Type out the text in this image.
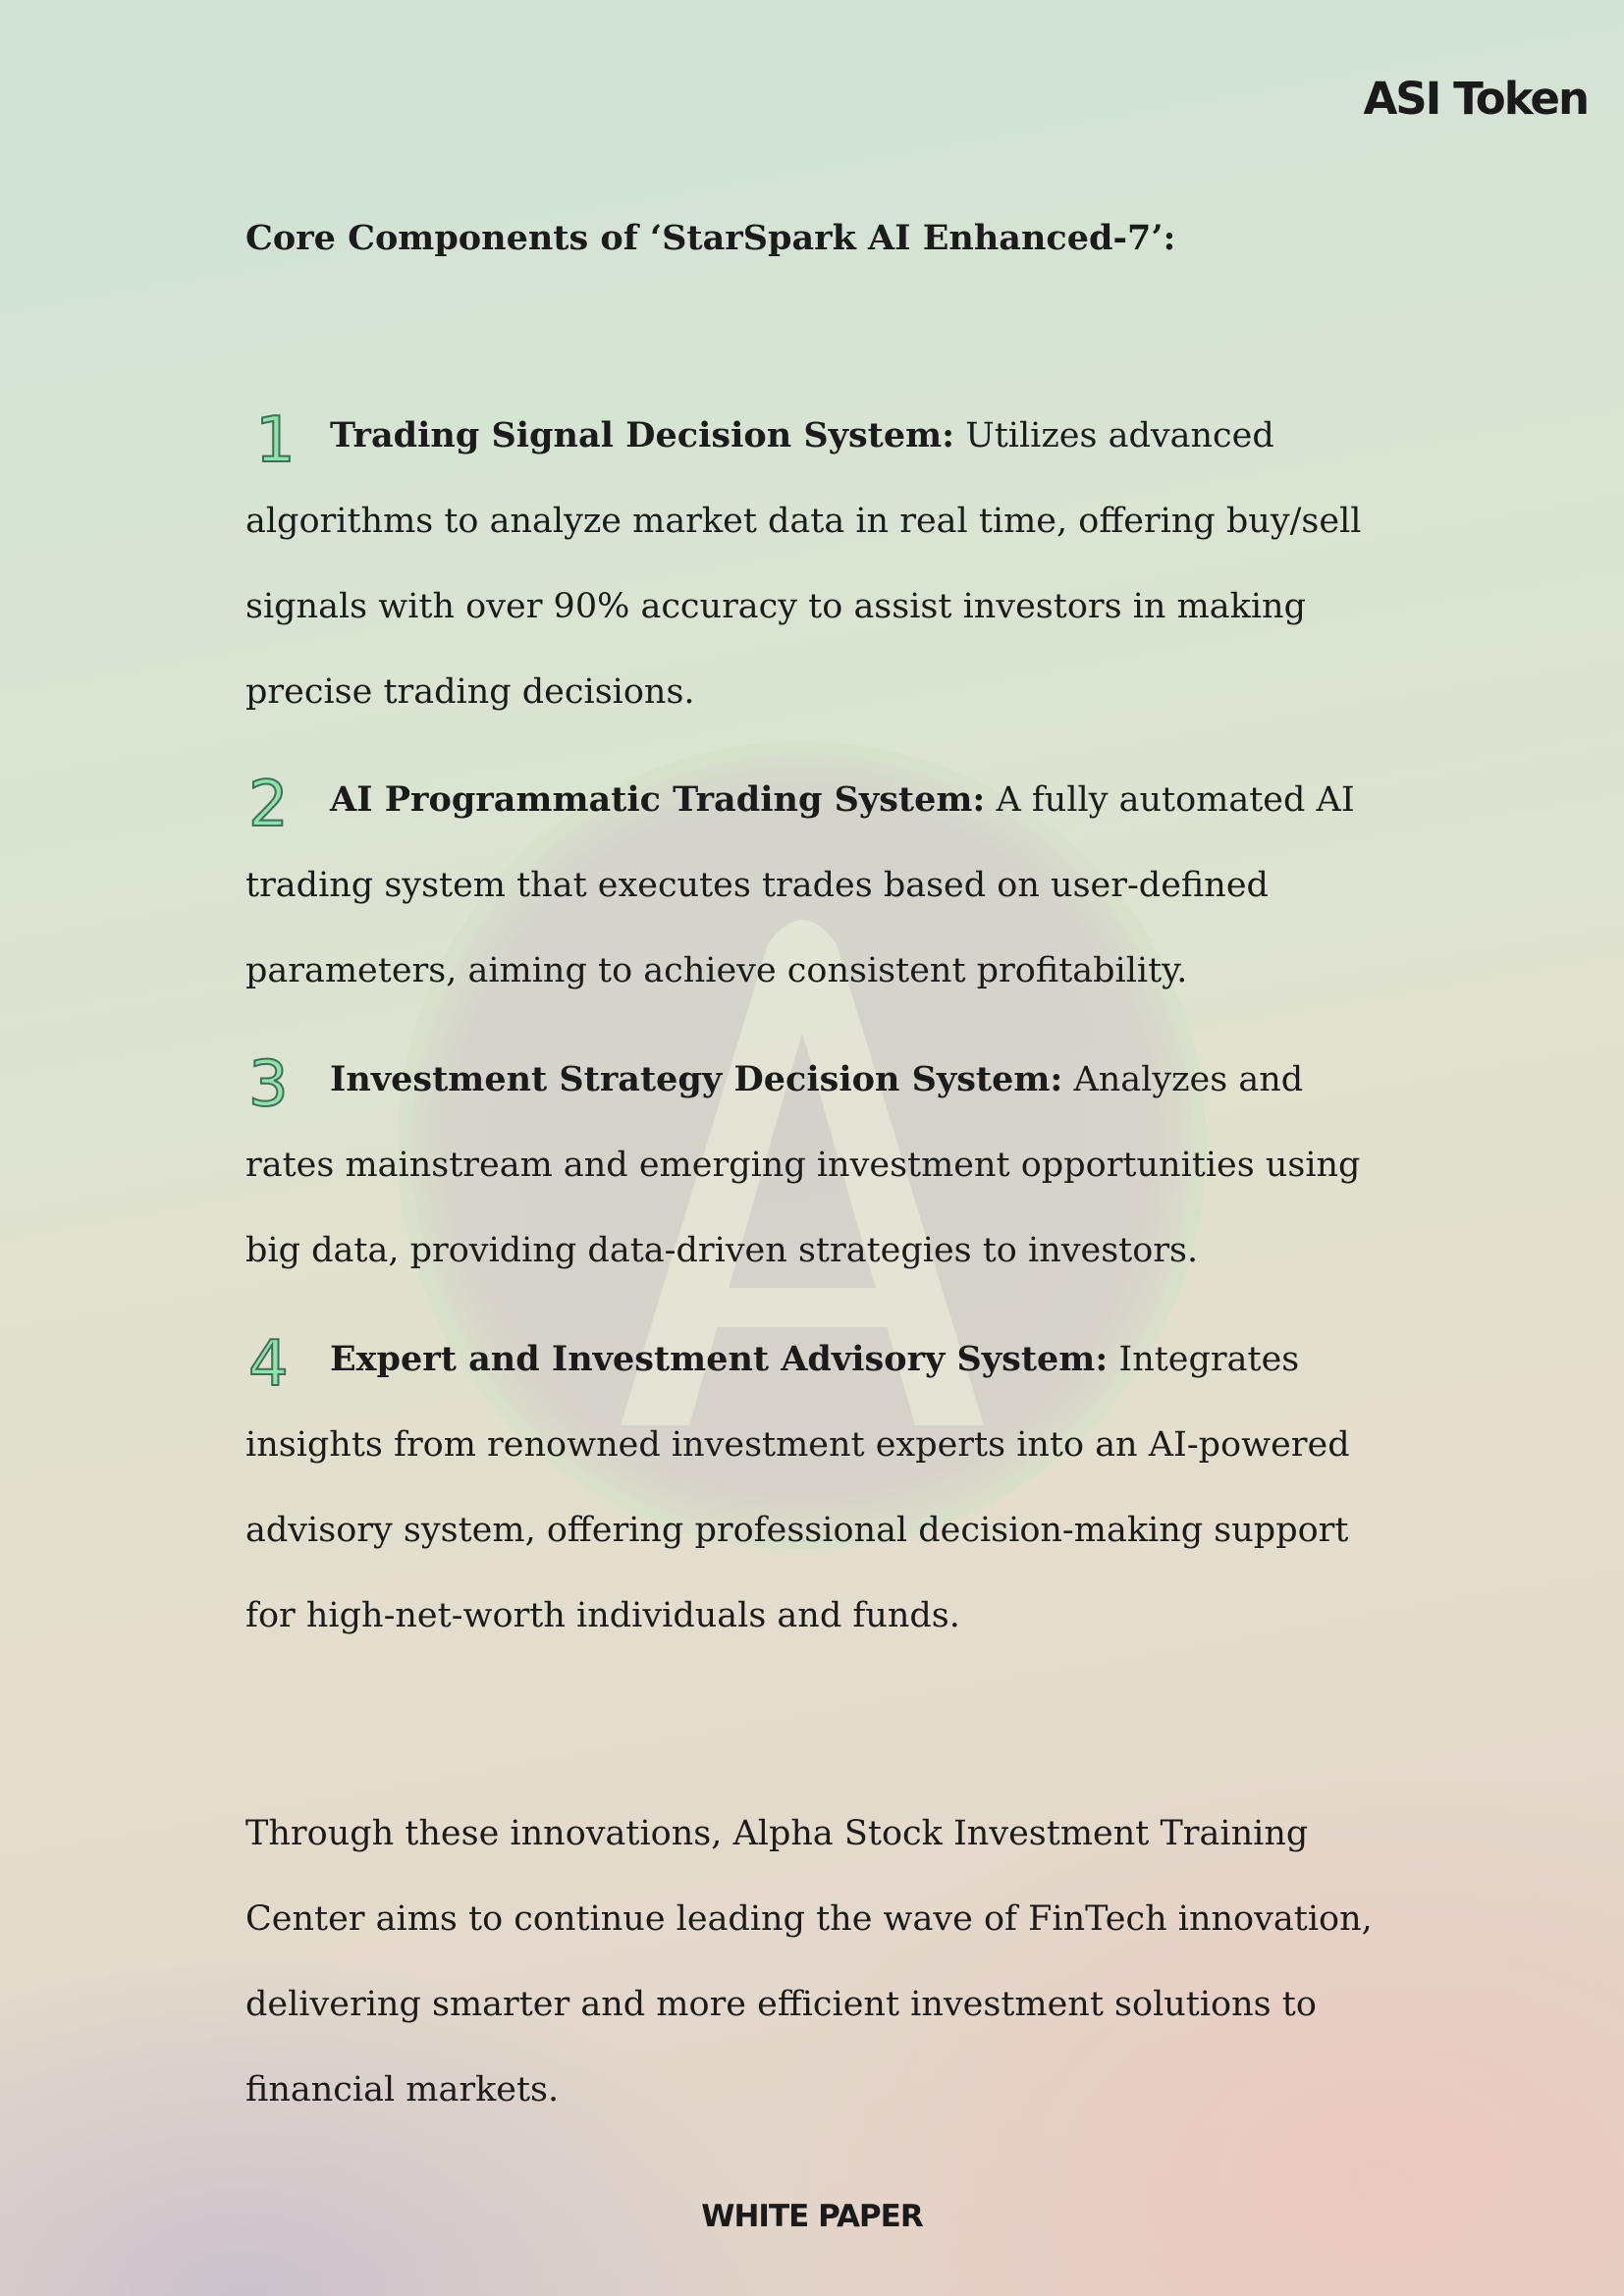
ASI Token
Core Components of ‘StarSpark AI Enhanced-7’:

1 Trading Signal Decision System: Utilizes advanced algorithms to analyze market data in real time, offering buy/sell signals with over 90% accuracy to assist investors in making precise trading decisions.

2 AI Programmatic Trading System: A fully automated AI trading system that executes trades based on user-defined parameters, aiming to achieve consistent profitability.

3 Investment Strategy Decision System: Analyzes and rates mainstream and emerging investment opportunities using big data, providing data-driven strategies to investors.

4 Expert and Investment Advisory System: Integrates insights from renowned investment experts into an AI-powered advisory system, offering professional decision-making support for high-net-worth individuals and funds.

Through these innovations, Alpha Stock Investment Training Center aims to continue leading the wave of FinTech innovation, delivering smarter and more efficient investment solutions to financial markets.

WHITE PAPER
